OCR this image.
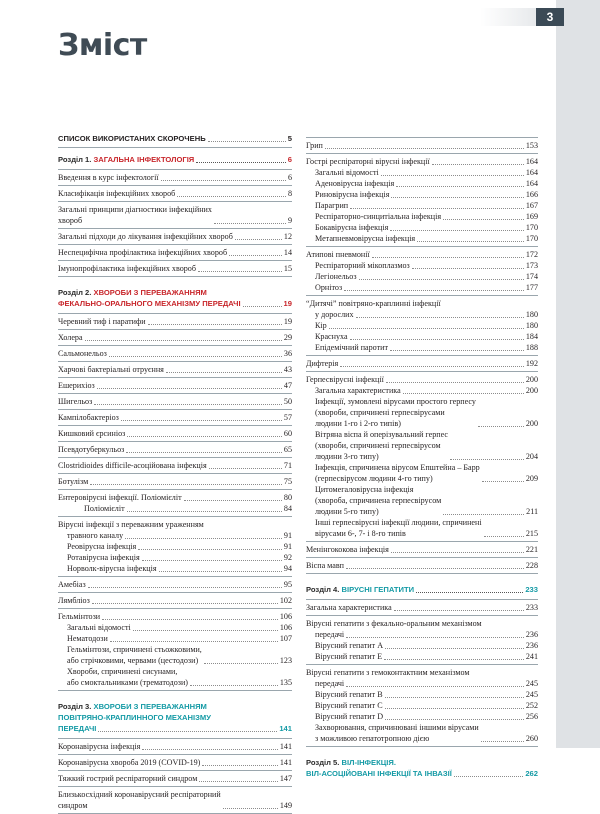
3
Зміст
СПИСОК ВИКОРИСТАНИХ СКОРОЧЕНЬ	5
Розділ 1. ЗАГАЛЬНА ІНФЕКТОЛОГІЯ	6
Введення в курс інфектології	6
Класифікація інфекційних хвороб	8
Загальні принципи діагностики інфекційних
хвороб	9
Загальні підходи до лікування інфекційних хвороб	12
Неспецифічна профілактика інфекційних хвороб	14
Імунопрофілактика інфекційних хвороб	15
Розділ 2. ХВОРОБИ З ПЕРЕВАЖАННЯМ
ФЕКАЛЬНО-ОРАЛЬНОГО МЕХАНІЗМУ ПЕРЕДАЧІ	19
Черевний тиф і паратифи	19
Холера	29
Сальмонельоз	36
Харчові бактеріальні отруєння	43
Ешерихіоз	47
Шигельоз	50
Кампілобактеріоз	57
Кишковий єрсиніоз	60
Псевдотуберкульоз	65
Clostridioides difficile-асоційована інфекція	71
Ботулізм	75
Ентеровірусні інфекції. Поліомієліт	80
Поліомієліт	84
Вірусні інфекції з переважним ураженням
травного каналу	91
Реовірусна інфекція	91
Ротавірусна інфекція	92
Норволк-вірусна інфекція	94
Амебіаз	95
Лямбліоз	102
Гельмінтози	106
Загальні відомості	106
Нематодози	107
Гельмінтози, спричинені стьожковими,
або стрічковими, червами (цестодози)	123
Хвороби, спричинені сисунами,
або смоктальниками (трематодози)	135
Розділ 3. ХВОРОБИ З ПЕРЕВАЖАННЯМ
ПОВІТРЯНО-КРАПЛИННОГО МЕХАНІЗМУ
ПЕРЕДАЧІ	141
Коронавірусна інфекція	141
Коронавірусна хвороба 2019 (COVID-19)	141
Тяжкий гострий респіраторний синдром	147
Близькосхідний коронавірусний респіраторний
синдром	149
Грип	153
Гострі респіраторні вірусні інфекції	164
Загальні відомості	164
Аденовірусна інфекція	164
Риновірусна інфекція	166
Парагрип	167
Респіраторно-синцитіальна інфекція	169
Бокавірусна інфекція	170
Метапневмовірусна інфекція	170
Атипові пневмонії	172
Респіраторний мікоплазмоз	173
Легіонельоз	174
Орнітоз	177
“Дитячі” повітряно-краплинні інфекції
у дорослих	180
Кір	180
Краснуха	184
Епідемічний паротит	188
Дифтерія	192
Герпесвірусні інфекції	200
Загальна характеристика	200
Інфекції, зумовлені вірусами простого герпесу
(хвороби, спричинені герпесвірусами
людини 1-го і 2-го типів)	200
Вітряна віспа й оперізувальний герпес
(хвороби, спричинені герпесвірусом
людини 3-го типу)	204
Інфекція, спричинена вірусом Епштейна – Барр
(герпесвірусом людини 4-го типу)	209
Цитомегаловірусна інфекція
(хвороба, спричинена герпесвірусом
людини 5-го типу)	211
Інші герпесвірусні інфекції людини, спричинені
вірусами 6-, 7- і 8-го типів	215
Менінгококова інфекція	221
Віспа мавп	228
Розділ 4. ВІРУСНІ ГЕПАТИТИ	233
Загальна характеристика	233
Вірусні гепатити з фекально-оральним механізмом
передачі	236
Вірусний гепатит A	236
Вірусний гепатит E	241
Вірусні гепатити з гемоконтактним механізмом
передачі	245
Вірусний гепатит B	245
Вірусний гепатит C	252
Вірусний гепатит D	256
Захворювання, спричинювані іншими вірусами
з можливою гепатотропною дією	260
Розділ 5. ВІЛ-ІНФЕКЦІЯ.
ВІЛ-АСОЦІЙОВАНІ ІНФЕКЦІЇ ТА ІНВАЗІЇ	262
